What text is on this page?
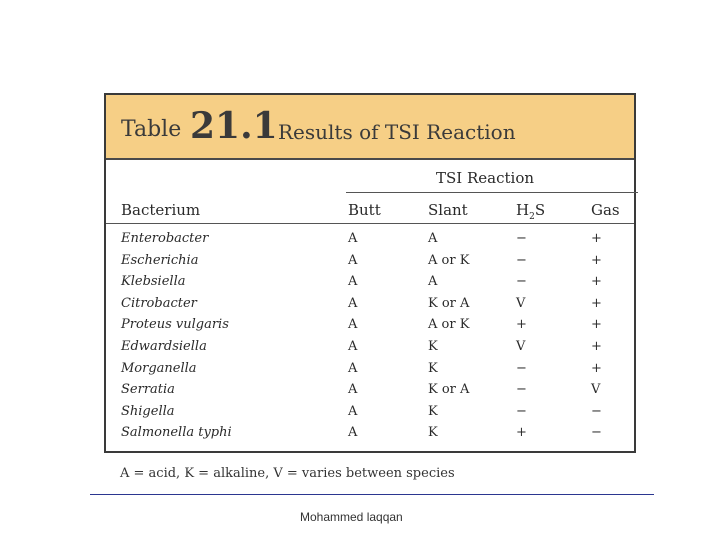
Table 21.1 Results of TSI Reaction
TSI Reaction
Bacterium	Butt	Slant	$H_2S$	Gas
Enterobacter	A	A	−	+
Escherichia	A	A or K	−	+
Klebsiella	A	A	−	+
Citrobacter	A	K or A	V	+
Proteus vulgaris	A	A or K	+	+
Edwardsiella	A	K	V	+
Morganella	A	K	−	+
Serratia	A	K or A	−	V
Shigella	A	K	−	−
Salmonella typhi	A	K	+	−
A = acid, K = alkaline, V = varies between species
Mohammed laqqan
